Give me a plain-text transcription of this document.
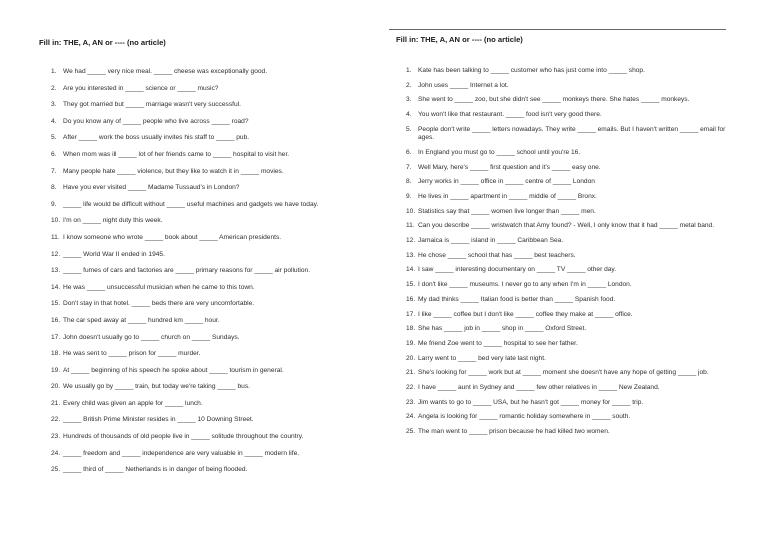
Fill in: THE, A, AN or ---- (no article)
1. We had _____ very nice meal. _____ cheese was exceptionally good.
2. Are you interested in _____ science or _____ music?
3. They got married but _____ marriage wasn't very successful.
4. Do you know any of _____ people who live across _____ road?
5. After _____ work the boss usually invites his staff to _____ pub.
6. When mom was ill _____ lot of her friends came to _____ hospital to visit her.
7. Many people hate _____ violence, but they like to watch it in _____ movies.
8. Have you ever visited _____ Madame Tussaud's in London?
9. _____ life would be difficult without _____ useful machines and gadgets we have today.
10. I'm on _____ night duty this week.
11. I know someone who wrote _____ book about _____ American presidents.
12. _____ World War II ended in 1945.
13. _____ fumes of cars and factories are _____ primary reasons for _____ air pollution.
14. He was _____ unsuccessful musician when he came to this town.
15. Don't stay in that hotel. _____ beds there are very uncomfortable.
16. The car sped away at _____ hundred km _____ hour.
17. John doesn't usually go to _____ church on _____ Sundays.
18. He was sent to _____ prison for _____ murder.
19. At _____ beginning of his speech he spoke about _____ tourism in general.
20. We usually go by _____ train, but today we're taking _____ bus.
21. Every child was given an apple for _____ lunch.
22. _____ British Prime Minister resides in _____ 10 Downing Street.
23. Hundreds of thousands of old people live in _____ solitude throughout the country.
24. _____ freedom and _____ independence are very valuable in _____ modern life.
25. _____ third of _____ Netherlands is in danger of being flooded.
Fill in: THE, A, AN or ---- (no article)
1. Kate has been talking to _____ customer who has just come into _____ shop.
2. John uses _____ Internet a lot.
3. She went to _____ zoo, but she didn't see _____ monkeys there. She hates _____ monkeys.
4. You won't like that restaurant. _____ food isn't very good there.
5. People don't write _____ letters nowadays. They write _____ emails. But I haven't written _____ email for ages.
6. In England you must go to _____ school until you're 16.
7. Well Mary, here's _____ first question and it's _____ easy one.
8. Jerry works in _____ office in _____ centre of _____ London
9. He lives in _____ apartment in _____ middle of _____ Bronx.
10. Statistics say that _____ women live longer than _____ men.
11. Can you describe _____ wristwatch that Amy found? - Well, I only know that it had _____ metal band.
12. Jamaica is _____ island in _____ Caribbean Sea.
13. He chose _____ school that has _____ best teachers.
14. I saw _____ interesting documentary on _____ TV _____ other day.
15. I don't like _____ museums. I never go to any when I'm in _____ London.
16. My dad thinks _____ Italian food is better than _____ Spanish food.
17. I like _____ coffee but I don't like _____ coffee they make at _____ office.
18. She has _____ job in _____ shop in _____ Oxford Street.
19. Me friend Zoe went to _____ hospital to see her father.
20. Larry went to _____ bed very late last night.
21. She's looking for _____ work but at _____ moment she doesn't have any hope of getting _____ job.
22. I have _____ aunt in Sydney and _____ few other relatives in _____ New Zealand.
23. Jim wants to go to _____ USA, but he hasn't got _____ money for _____ trip.
24. Angela is looking for _____ romantic holiday somewhere in _____ south.
25. The man went to _____ prison because he had killed two women.
